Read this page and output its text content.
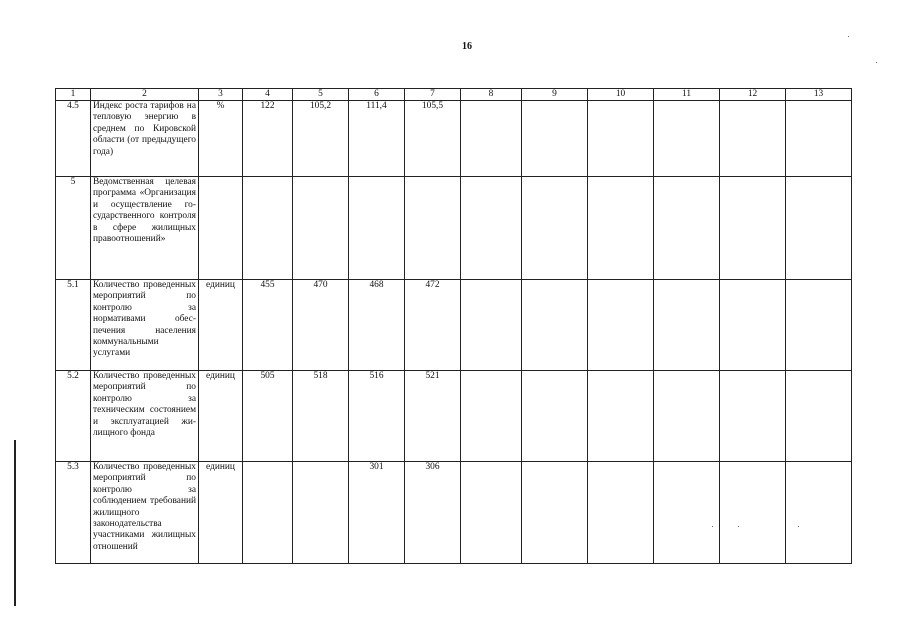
16
1	2	3	4	5	6	7	8	9	10	11	12	13
4.5	Индекс роста тарифов на тепловую энергию в среднем по Кировской области (от предыдущего года)	%	122	105,2	111,4	105,5						
5	Ведомственная целевая программа «Организация и осуществление государственного контроля в сфере жилищных правоотношений»											
5.1	Количество проведенных мероприятий по контролю за нормативами обеспечения населения коммунальными услугами	единиц	455	470	468	472						
5.2	Количество проведенных мероприятий по контролю за техническим состоянием и эксплуатацией жилищного фонда	единиц	505	518	516	521						
5.3	Количество проведенных мероприятий по контролю за соблюдением требований жилищного законодательства участниками жилищных отношений	единиц			301	306						
